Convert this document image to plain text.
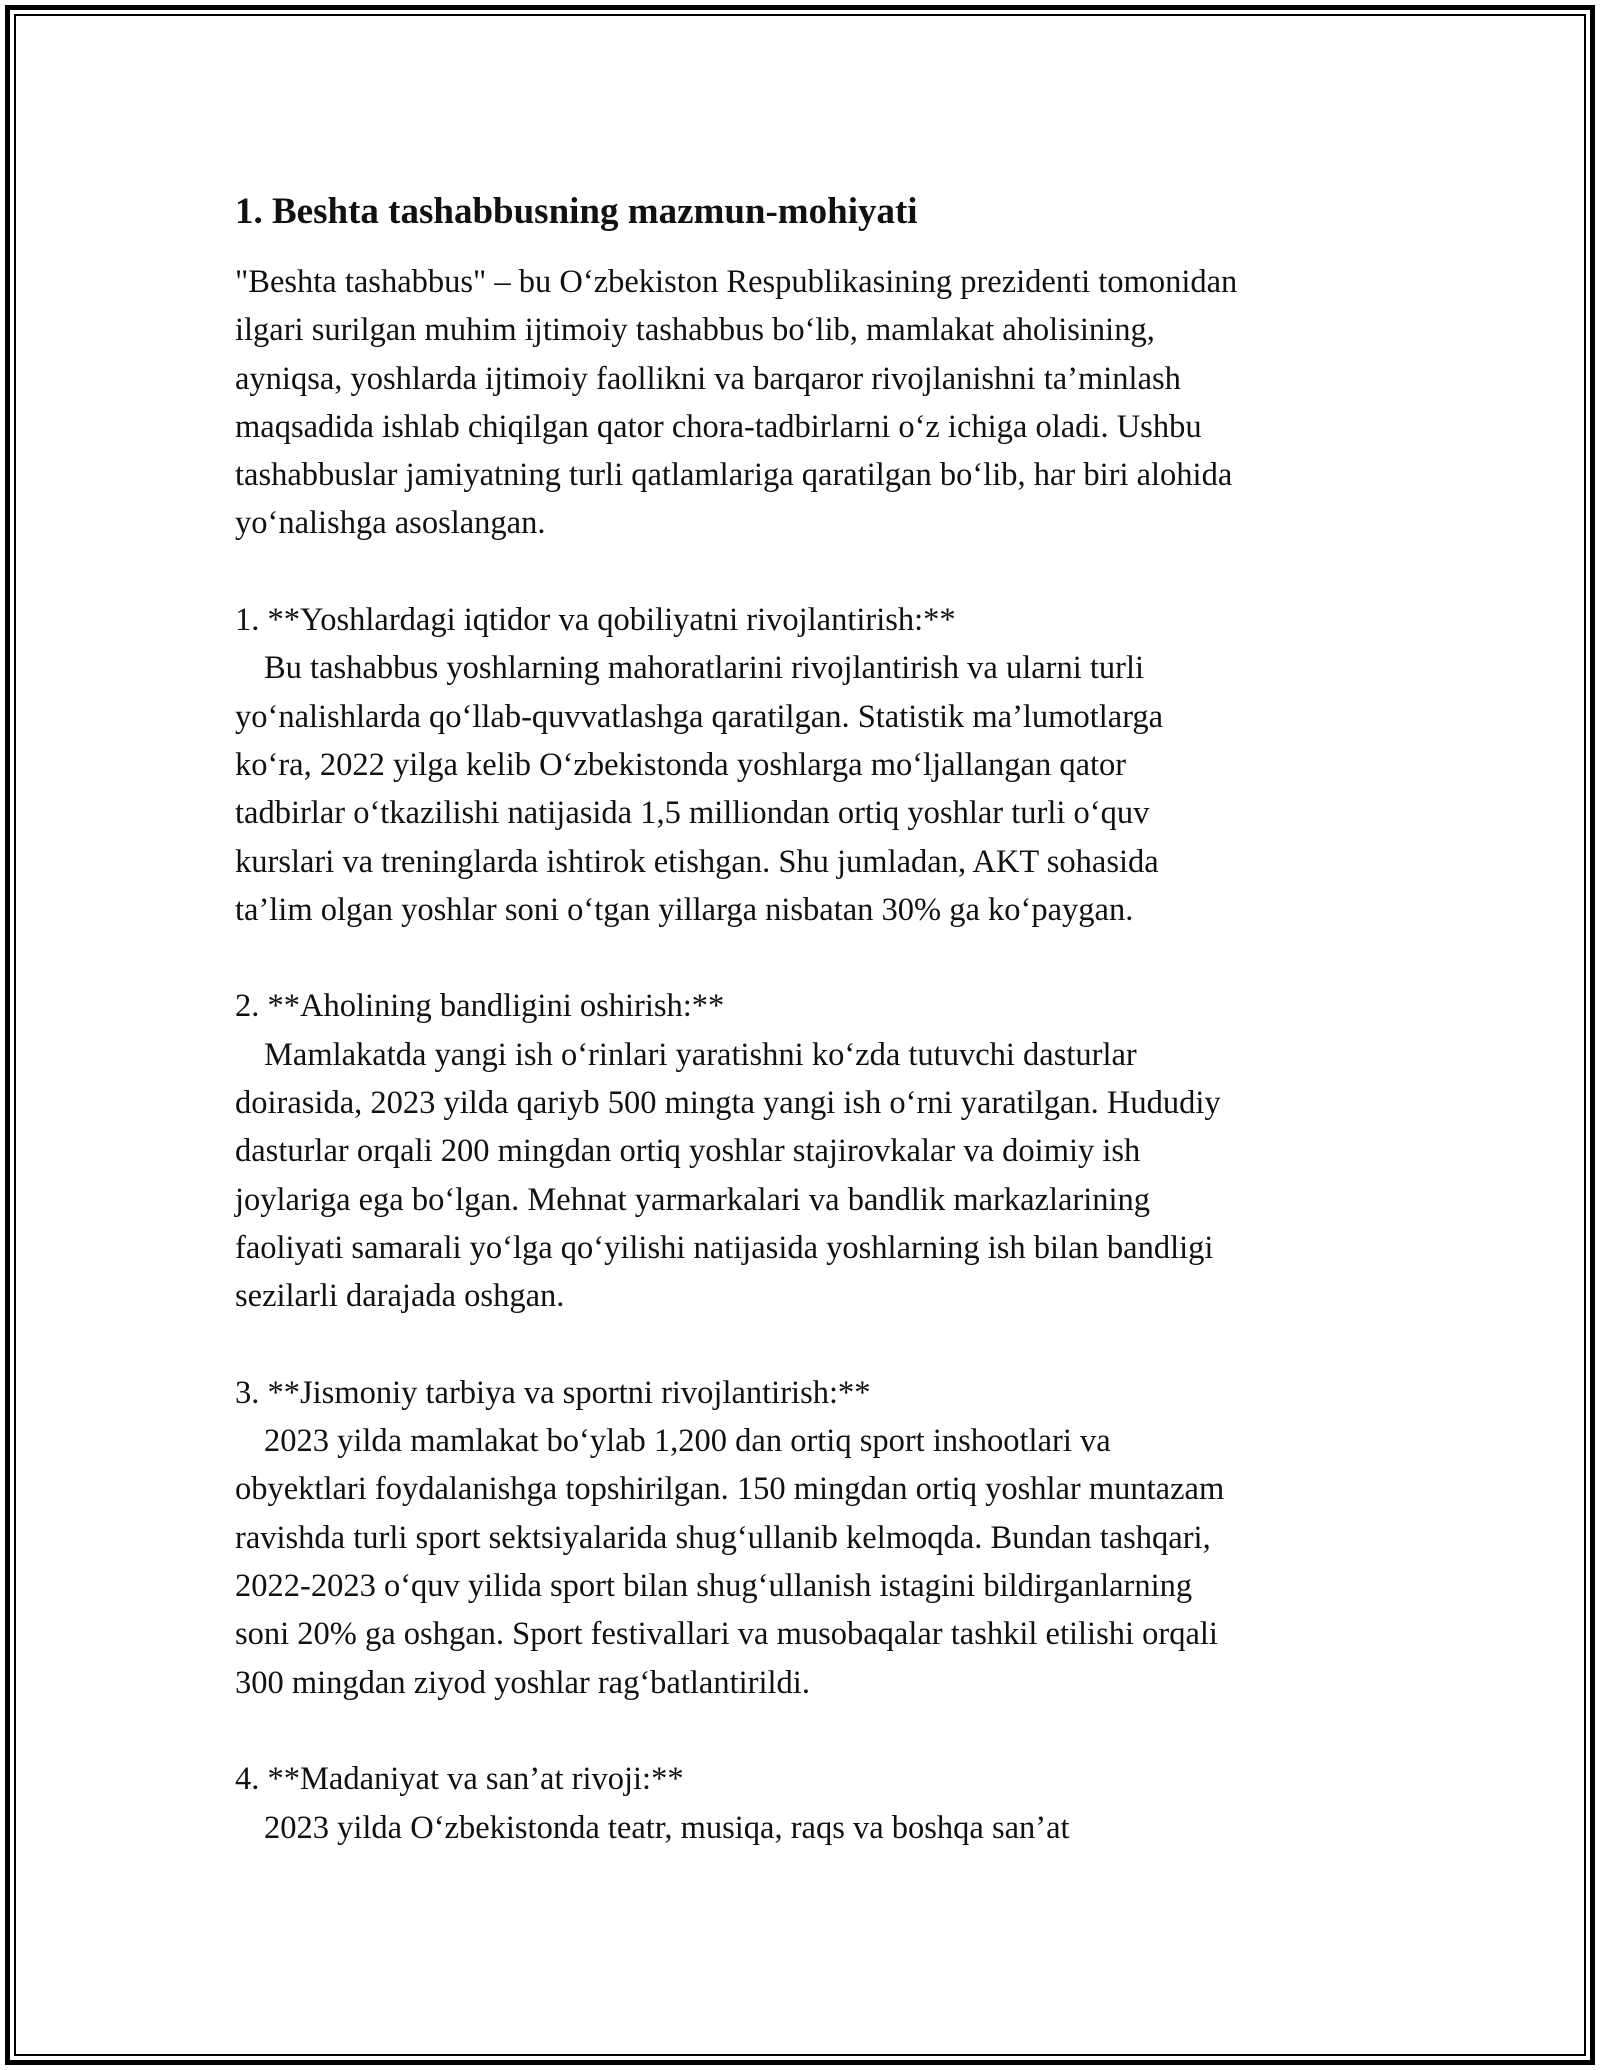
1. Beshta tashabbusning mazmun-mohiyati
"Beshta tashabbus" – bu O‘zbekiston Respublikasining prezidenti tomonidan
ilgari surilgan muhim ijtimoiy tashabbus bo‘lib, mamlakat aholisining,
ayniqsa, yoshlarda ijtimoiy faollikni va barqaror rivojlanishni ta’minlash
maqsadida ishlab chiqilgan qator chora-tadbirlarni o‘z ichiga oladi. Ushbu
tashabbuslar jamiyatning turli qatlamlariga qaratilgan bo‘lib, har biri alohida
yo‘nalishga asoslangan.
1. **Yoshlardagi iqtidor va qobiliyatni rivojlantirish:**
Bu tashabbus yoshlarning mahoratlarini rivojlantirish va ularni turli
yo‘nalishlarda qo‘llab-quvvatlashga qaratilgan. Statistik ma’lumotlarga
ko‘ra, 2022 yilga kelib O‘zbekistonda yoshlarga mo‘ljallangan qator
tadbirlar o‘tkazilishi natijasida 1,5 milliondan ortiq yoshlar turli o‘quv
kurslari va treninglarda ishtirok etishgan. Shu jumladan, AKT sohasida
ta’lim olgan yoshlar soni o‘tgan yillarga nisbatan 30% ga ko‘paygan.
2. **Aholining bandligini oshirish:**
Mamlakatda yangi ish o‘rinlari yaratishni ko‘zda tutuvchi dasturlar
doirasida, 2023 yilda qariyb 500 mingta yangi ish o‘rni yaratilgan. Hududiy
dasturlar orqali 200 mingdan ortiq yoshlar stajirovkalar va doimiy ish
joylariga ega bo‘lgan. Mehnat yarmarkalari va bandlik markazlarining
faoliyati samarali yo‘lga qo‘yilishi natijasida yoshlarning ish bilan bandligi
sezilarli darajada oshgan.
3. **Jismoniy tarbiya va sportni rivojlantirish:**
2023 yilda mamlakat bo‘ylab 1,200 dan ortiq sport inshootlari va
obyektlari foydalanishga topshirilgan. 150 mingdan ortiq yoshlar muntazam
ravishda turli sport sektsiyalarida shug‘ullanib kelmoqda. Bundan tashqari,
2022-2023 o‘quv yilida sport bilan shug‘ullanish istagini bildirganlarning
soni 20% ga oshgan. Sport festivallari va musobaqalar tashkil etilishi orqali
300 mingdan ziyod yoshlar rag‘batlantirildi.
4. **Madaniyat va san’at rivoji:**
2023 yilda O‘zbekistonda teatr, musiqa, raqs va boshqa san’at
